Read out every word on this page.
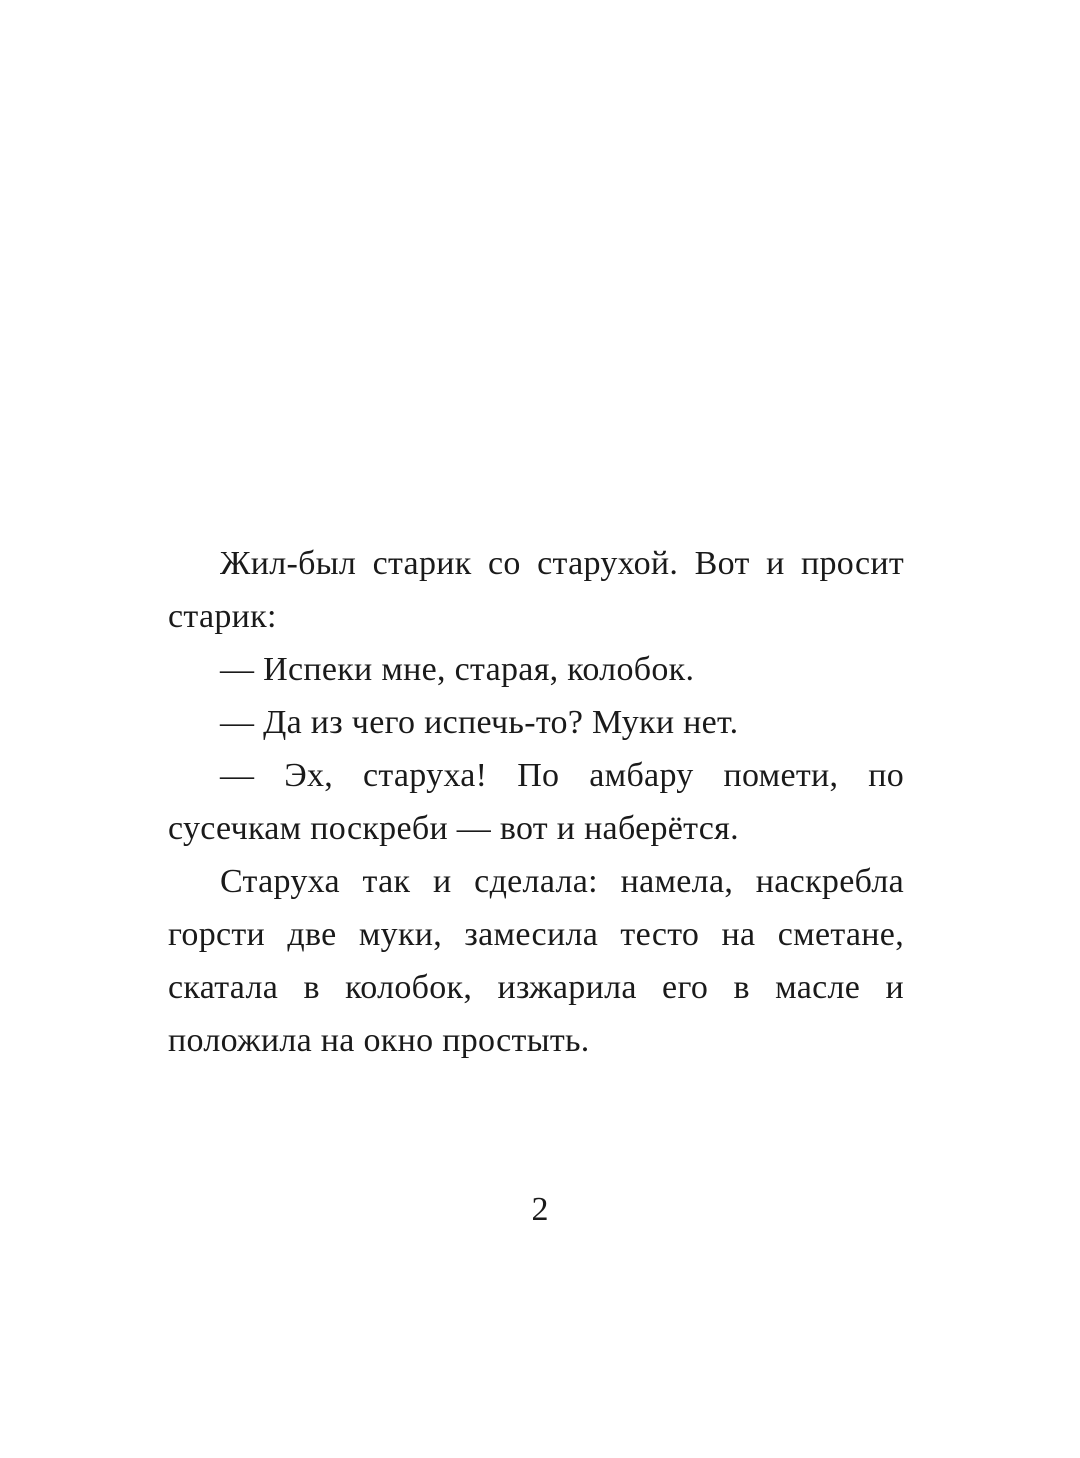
Жил-был старик со старухой. Вот и просит старик:

— Испеки мне, старая, колобок.

— Да из чего испечь-то? Муки нет.

— Эх, старуха! По амбару помети, по сусечкам поскреби — вот и наберётся.

Старуха так и сделала: намела, наскребла горсти две муки, замесила тесто на сметане, скатала в колобок, изжарила его в масле и положила на окно простыть.

2
